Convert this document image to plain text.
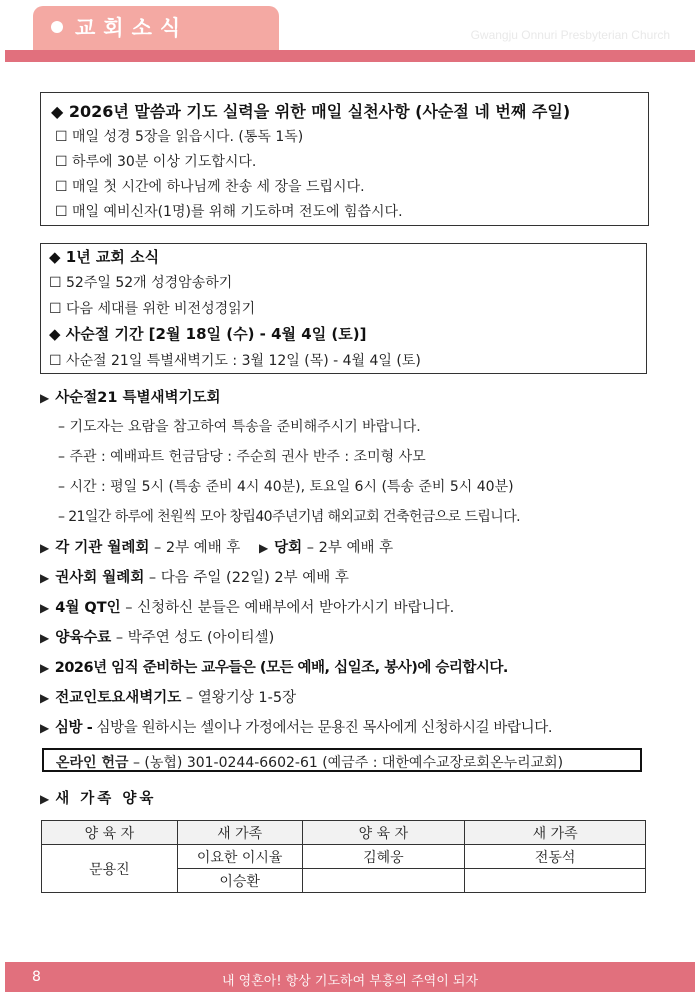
교회소식	Gwangju Onnuri Presbyterian Church
◆ 2026년 말씀과 기도 실력을 위한 매일 실천사항 (사순절 네 번째 주일)
☐ 매일 성경 5장을 읽읍시다. (통독 1독)
☐ 하루에 30분 이상 기도합시다.
☐ 매일 첫 시간에 하나님께 찬송 세 장을 드립시다.
☐ 매일 예비신자(1명)를 위해 기도하며 전도에 힘씁시다.
◆ 1년 교회 소식
☐ 52주일 52개 성경암송하기
☐ 다음 세대를 위한 비전성경읽기
◆ 사순절 기간 [2월 18일 (수) - 4월 4일 (토)]
☐ 사순절 21일 특별새벽기도 : 3월 12일 (목) - 4월 4일 (토)
▶ 사순절21 특별새벽기도회
– 기도자는 요람을 참고하여 특송을 준비해주시기 바랍니다.
– 주관 : 예배파트 헌금담당 : 주순희 권사 반주 : 조미형 사모
– 시간 : 평일 5시 (특송 준비 4시 40분), 토요일 6시 (특송 준비 5시 40분)
– 21일간 하루에 천원씩 모아 창립40주년기념 해외교회 건축헌금으로 드립니다.
▶ 각 기관 월례회 – 2부 예배 후 ▶ 당회 – 2부 예배 후
▶ 권사회 월례회 – 다음 주일 (22일) 2부 예배 후
▶ 4월 QT인 – 신청하신 분들은 예배부에서 받아가시기 바랍니다.
▶ 양육수료 – 박주연 성도 (아이티셀)
▶ 2026년 임직 준비하는 교우들은 (모든 예배, 십일조, 봉사)에 승리합시다.
▶ 전교인토요새벽기도 – 열왕기상 1-5장
▶ 심방 - 심방을 원하시는 셀이나 가정에서는 문용진 목사에게 신청하시길 바랍니다.
온라인 헌금 – (농협) 301-0244-6602-61 (예금주 : 대한예수교장로회온누리교회)
▶ 새 가족 양육
양 육 자	새 가족	양 육 자	새 가족
문용진	이요한 이시율	김혜웅	전동석
	이승환		
8	내 영혼아! 항상 기도하여 부흥의 주역이 되자
